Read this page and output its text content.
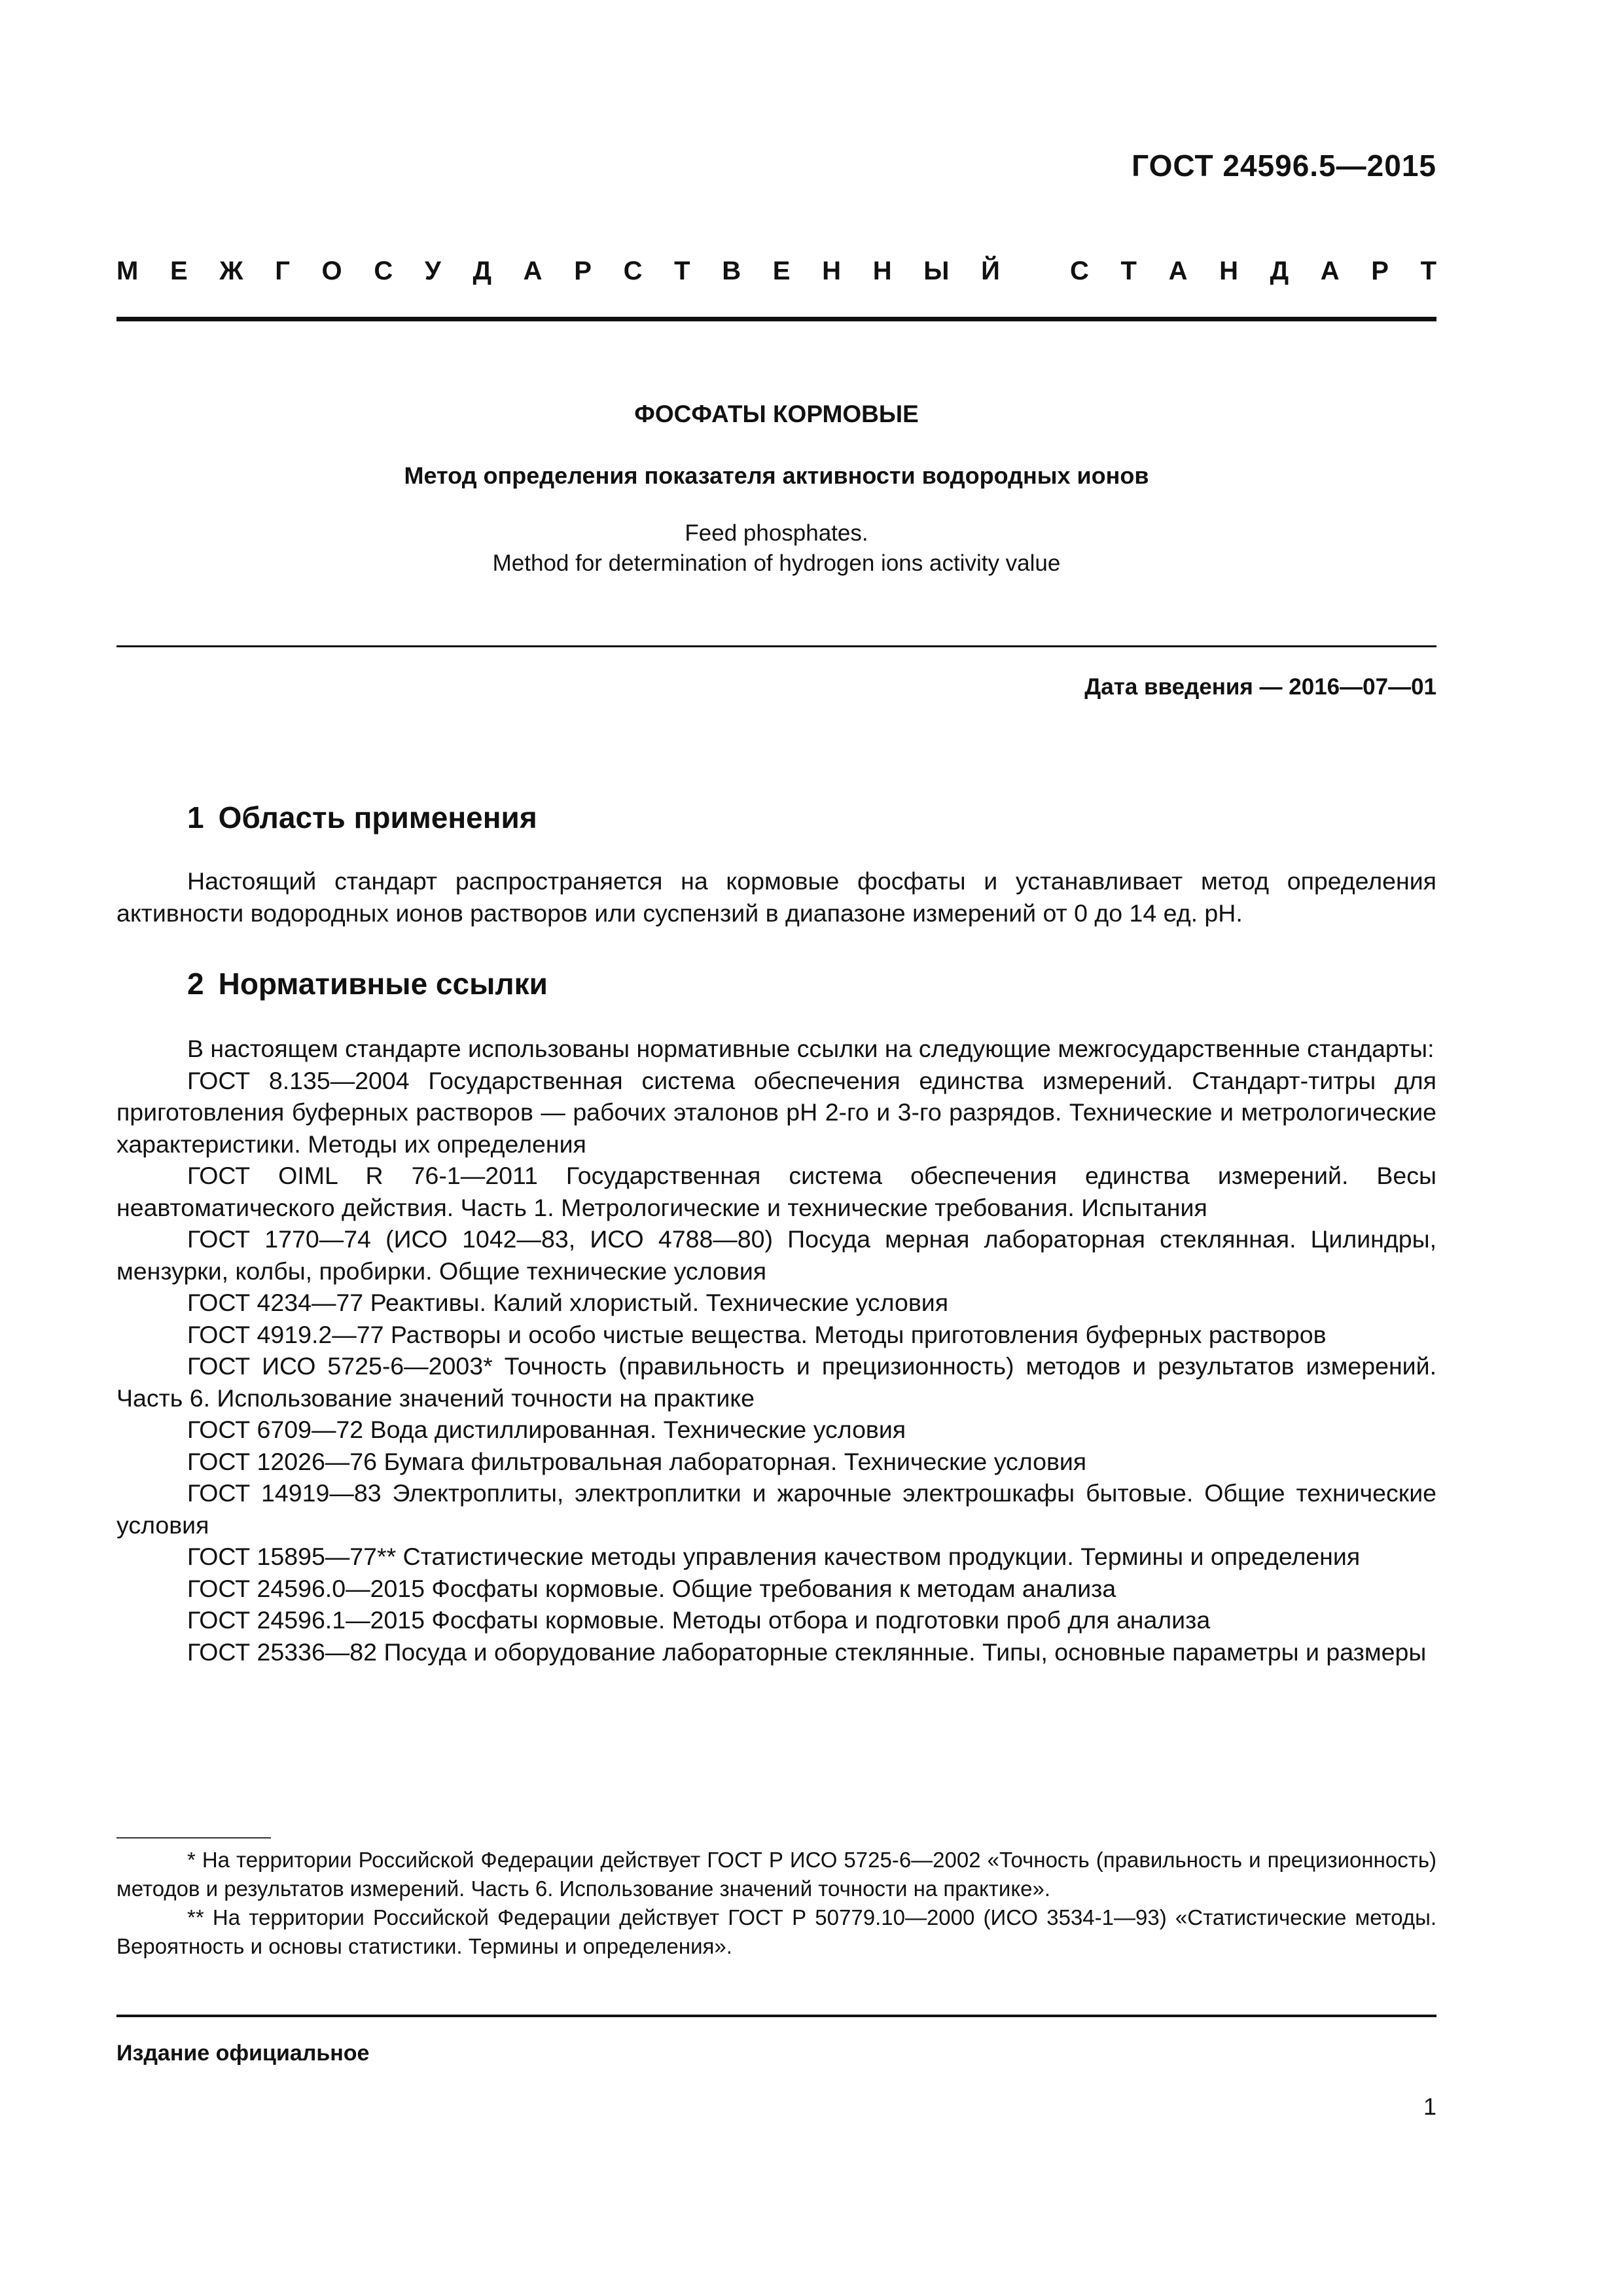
ГОСТ 24596.5—2015
М Е Ж Г О С У Д А Р С Т В Е Н Н Ы Й	С Т А Н Д А Р Т
ФОСФАТЫ КОРМОВЫЕ
Метод определения показателя активности водородных ионов
Feed phosphates.
Method for determination of hydrogen ions activity value
Дата введения — 2016—07—01
1 Область применения
Настоящий стандарт распространяется на кормовые фосфаты и устанавливает метод определения активности водородных ионов растворов или суспензий в диапазоне измерений от 0 до 14 ед. pH.
2 Нормативные ссылки
В настоящем стандарте использованы нормативные ссылки на следующие межгосударственные стандарты:
ГОСТ 8.135—2004 Государственная система обеспечения единства измерений. Стандарт-титры для приготовления буферных растворов — рабочих эталонов pH 2-го и 3-го разрядов. Технические и метрологические характеристики. Методы их определения
ГОСТ OIML R 76-1—2011 Государственная система обеспечения единства измерений. Весы неавтоматического действия. Часть 1. Метрологические и технические требования. Испытания
ГОСТ 1770—74 (ИСО 1042—83, ИСО 4788—80) Посуда мерная лабораторная стеклянная. Цилиндры, мензурки, колбы, пробирки. Общие технические условия
ГОСТ 4234—77 Реактивы. Калий хлористый. Технические условия
ГОСТ 4919.2—77 Растворы и особо чистые вещества. Методы приготовления буферных растворов
ГОСТ ИСО 5725-6—2003* Точность (правильность и прецизионность) методов и результатов измерений. Часть 6. Использование значений точности на практике
ГОСТ 6709—72 Вода дистиллированная. Технические условия
ГОСТ 12026—76 Бумага фильтровальная лабораторная. Технические условия
ГОСТ 14919—83 Электроплиты, электроплитки и жарочные электрошкафы бытовые. Общие технические условия
ГОСТ 15895—77** Статистические методы управления качеством продукции. Термины и определения
ГОСТ 24596.0—2015 Фосфаты кормовые. Общие требования к методам анализа
ГОСТ 24596.1—2015 Фосфаты кормовые. Методы отбора и подготовки проб для анализа
ГОСТ 25336—82 Посуда и оборудование лабораторные стеклянные. Типы, основные параметры и размеры
* На территории Российской Федерации действует ГОСТ Р ИСО 5725-6—2002 «Точность (правильность и прецизионность) методов и результатов измерений. Часть 6. Использование значений точности на практике».
** На территории Российской Федерации действует ГОСТ Р 50779.10—2000 (ИСО 3534-1—93) «Статистические методы. Вероятность и основы статистики. Термины и определения».
Издание официальное
1
